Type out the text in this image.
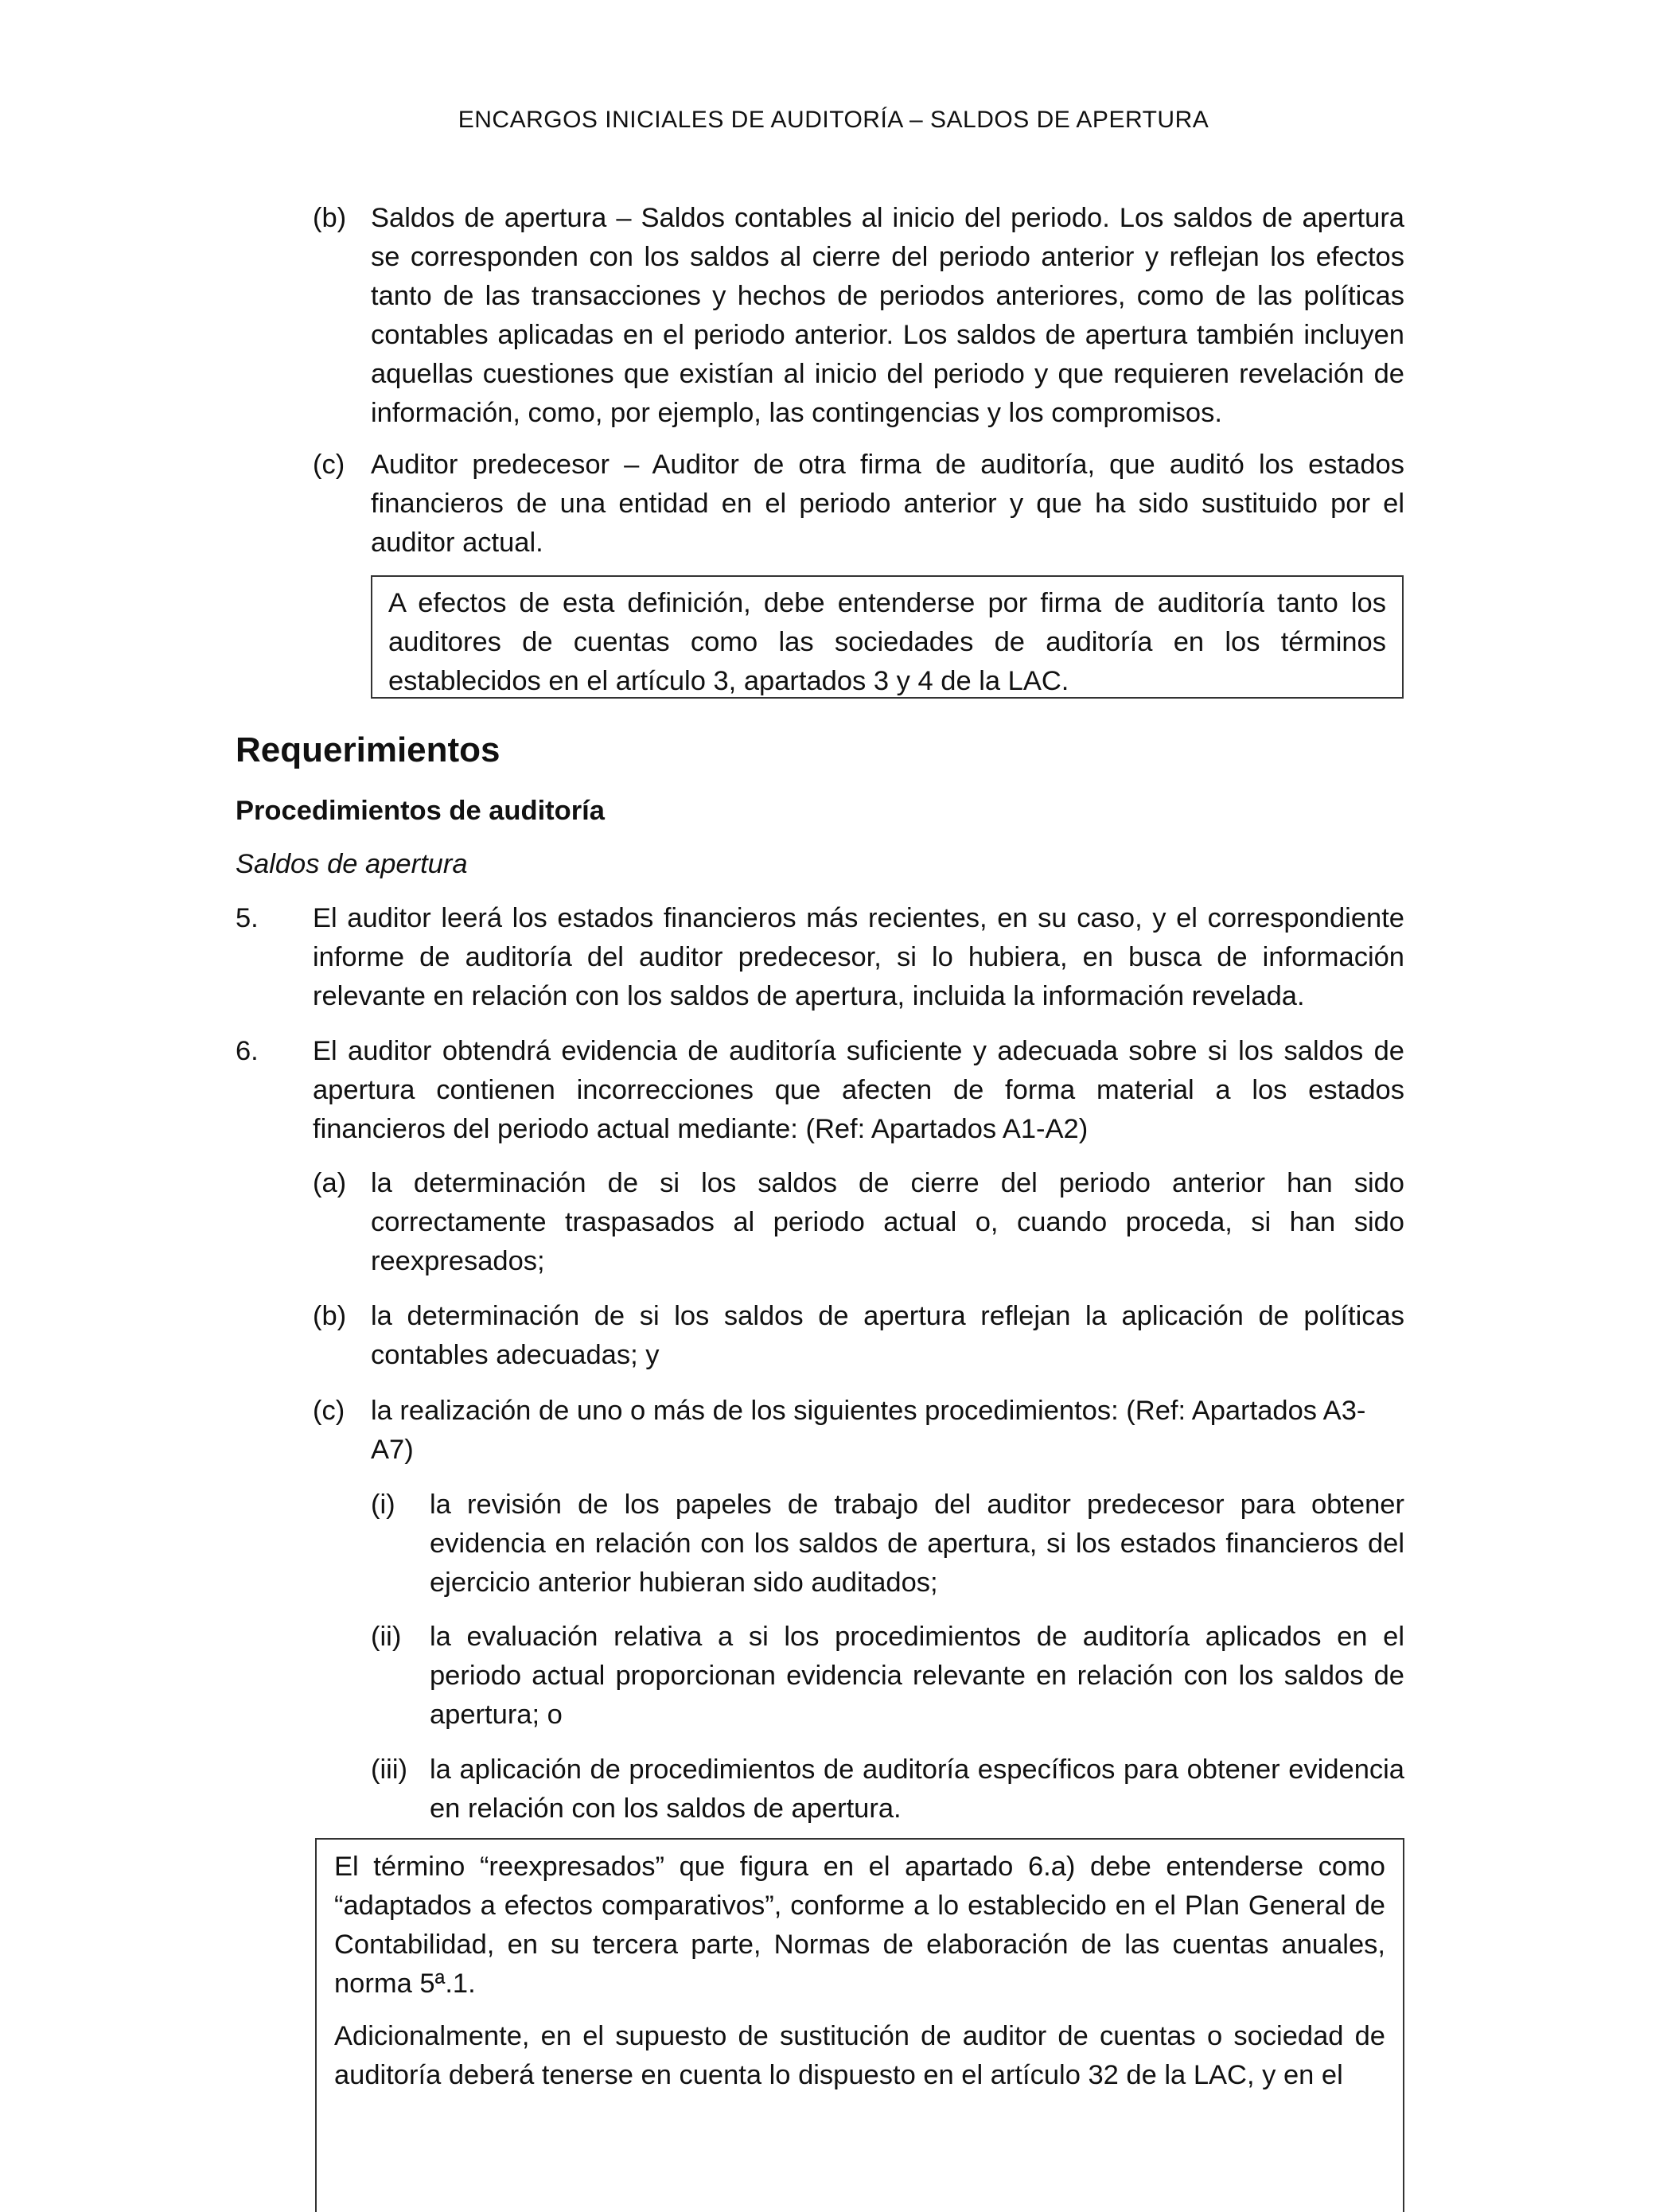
ENCARGOS INICIALES DE AUDITORÍA – SALDOS DE APERTURA
(b) Saldos de apertura – Saldos contables al inicio del periodo. Los saldos de apertura se corresponden con los saldos al cierre del periodo anterior y reflejan los efectos tanto de las transacciones y hechos de periodos anteriores, como de las políticas contables aplicadas en el periodo anterior. Los saldos de apertura también incluyen aquellas cuestiones que existían al inicio del periodo y que requieren revelación de información, como, por ejemplo, las contingencias y los compromisos.

(c) Auditor predecesor – Auditor de otra firma de auditoría, que auditó los estados financieros de una entidad en el periodo anterior y que ha sido sustituido por el auditor actual.

A efectos de esta definición, debe entenderse por firma de auditoría tanto los auditores de cuentas como las sociedades de auditoría en los términos establecidos en el artículo 3, apartados 3 y 4 de la LAC.

Requerimientos
Procedimientos de auditoría
Saldos de apertura
5. El auditor leerá los estados financieros más recientes, en su caso, y el correspondiente informe de auditoría del auditor predecesor, si lo hubiera, en busca de información relevante en relación con los saldos de apertura, incluida la información revelada.

6. El auditor obtendrá evidencia de auditoría suficiente y adecuada sobre si los saldos de apertura contienen incorrecciones que afecten de forma material a los estados financieros del periodo actual mediante: (Ref: Apartados A1-A2)

(a) la determinación de si los saldos de cierre del periodo anterior han sido correctamente traspasados al periodo actual o, cuando proceda, si han sido reexpresados;

(b) la determinación de si los saldos de apertura reflejan la aplicación de políticas contables adecuadas; y

(c) la realización de uno o más de los siguientes procedimientos: (Ref: Apartados A3-A7)

(i) la revisión de los papeles de trabajo del auditor predecesor para obtener evidencia en relación con los saldos de apertura, si los estados financieros del ejercicio anterior hubieran sido auditados;

(ii) la evaluación relativa a si los procedimientos de auditoría aplicados en el periodo actual proporcionan evidencia relevante en relación con los saldos de apertura; o

(iii) la aplicación de procedimientos de auditoría específicos para obtener evidencia en relación con los saldos de apertura.

El término “reexpresados” que figura en el apartado 6.a) debe entenderse como “adaptados a efectos comparativos”, conforme a lo establecido en el Plan General de Contabilidad, en su tercera parte, Normas de elaboración de las cuentas anuales, norma 5ª.1.

Adicionalmente, en el supuesto de sustitución de auditor de cuentas o sociedad de auditoría deberá tenerse en cuenta lo dispuesto en el artículo 32 de la LAC, y en el
